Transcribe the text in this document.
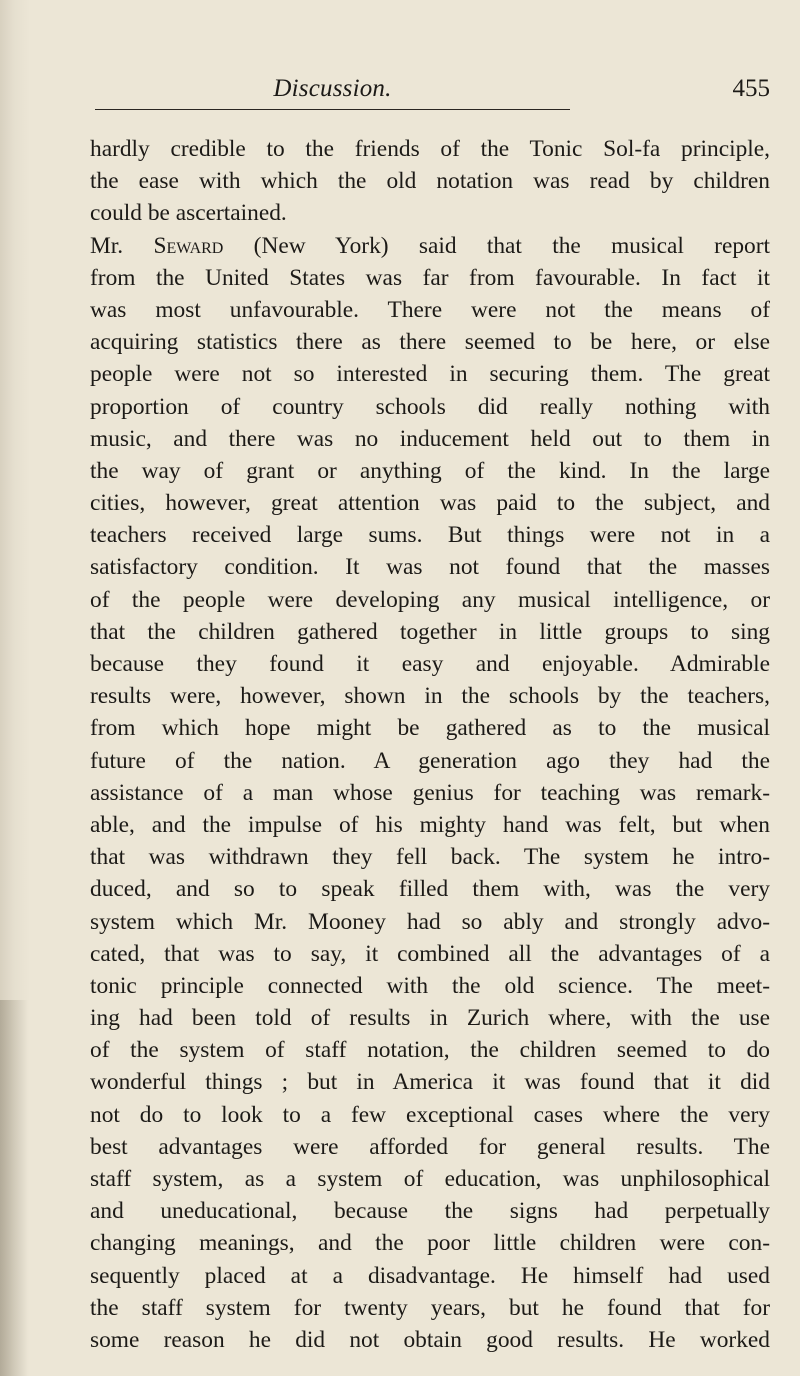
Discussion.	455
hardly credible to the friends of the Tonic Sol-fa principle,
the ease with which the old notation was read by children
could be ascertained.
Mr. Seward (New York) said that the musical report
from the United States was far from favourable. In fact it
was most unfavourable. There were not the means of
acquiring statistics there as there seemed to be here, or else
people were not so interested in securing them. The great
proportion of country schools did really nothing with
music, and there was no inducement held out to them in
the way of grant or anything of the kind. In the large
cities, however, great attention was paid to the subject, and
teachers received large sums. But things were not in a
satisfactory condition. It was not found that the masses
of the people were developing any musical intelligence, or
that the children gathered together in little groups to sing
because they found it easy and enjoyable. Admirable
results were, however, shown in the schools by the teachers,
from which hope might be gathered as to the musical
future of the nation. A generation ago they had the
assistance of a man whose genius for teaching was remark-
able, and the impulse of his mighty hand was felt, but when
that was withdrawn they fell back. The system he intro-
duced, and so to speak filled them with, was the very
system which Mr. Mooney had so ably and strongly advo-
cated, that was to say, it combined all the advantages of a
tonic principle connected with the old science. The meet-
ing had been told of results in Zurich where, with the use
of the system of staff notation, the children seemed to do
wonderful things ; but in America it was found that it did
not do to look to a few exceptional cases where the very
best advantages were afforded for general results. The
staff system, as a system of education, was unphilosophical
and uneducational, because the signs had perpetually
changing meanings, and the poor little children were con-
sequently placed at a disadvantage. He himself had used
the staff system for twenty years, but he found that for
some reason he did not obtain good results. He worked
